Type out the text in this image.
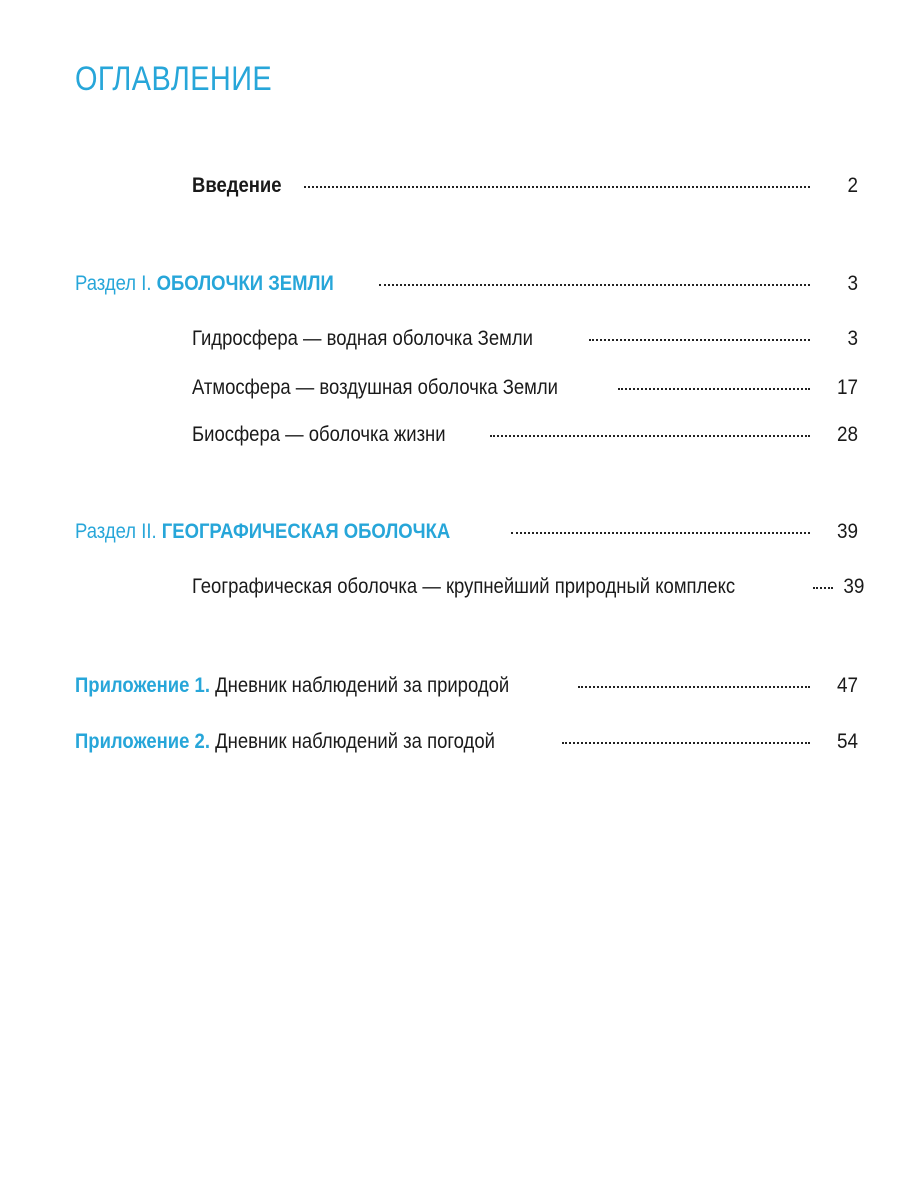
ОГЛАВЛЕНИЕ
Введение	2
Раздел I. ОБОЛОЧКИ ЗЕМЛИ	3
Гидросфера — водная оболочка Земли	3
Атмосфера — воздушная оболочка Земли	17
Биосфера — оболочка жизни	28
Раздел II. ГЕОГРАФИЧЕСКАЯ ОБОЛОЧКА	39
Географическая оболочка — крупнейший природный комплекс	39
Приложение 1. Дневник наблюдений за природой	47
Приложение 2. Дневник наблюдений за погодой	54
